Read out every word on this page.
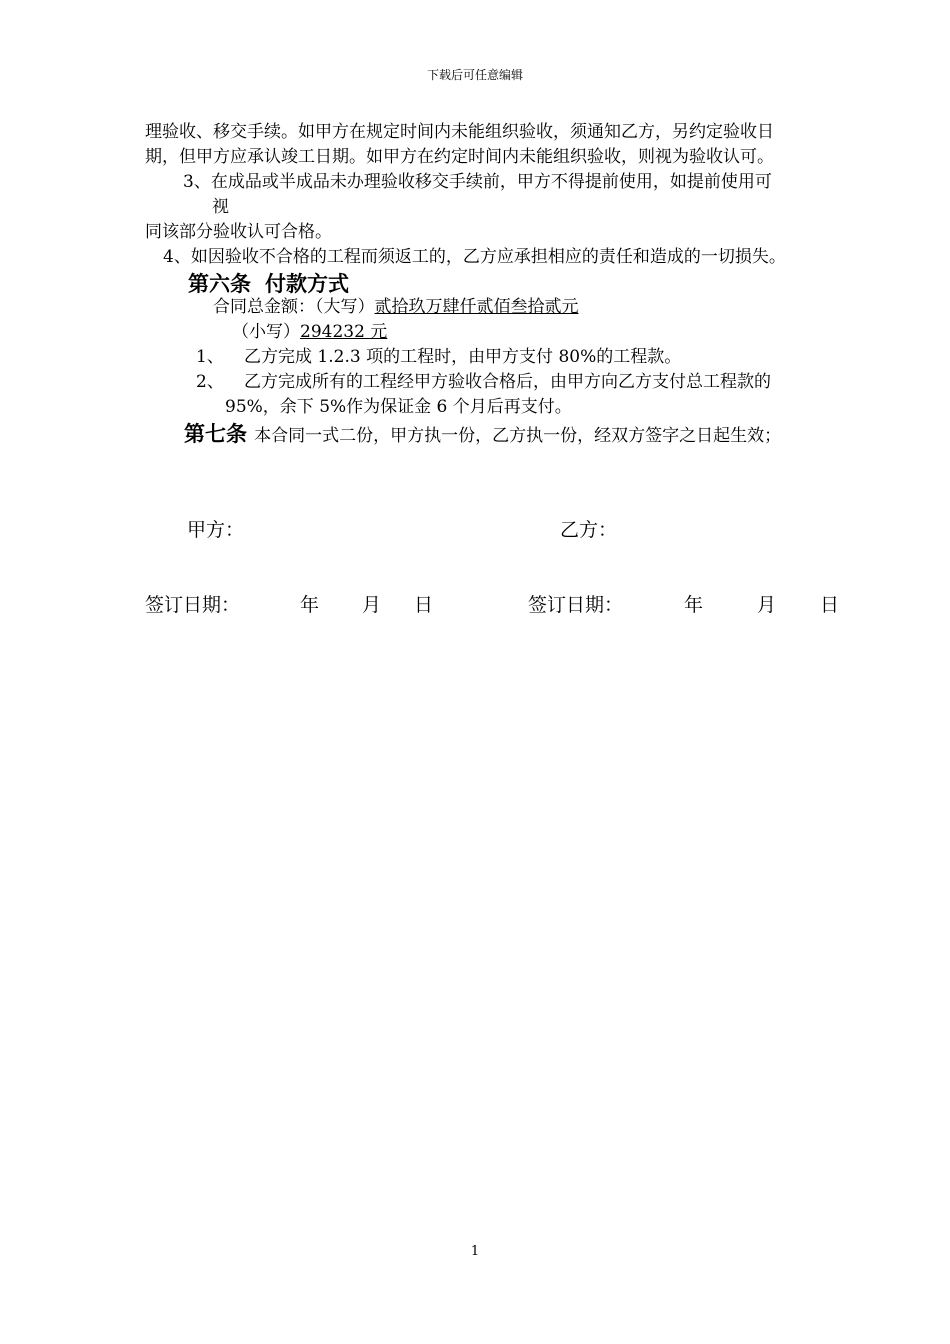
下载后可任意编辑
理验收、移交手续。如甲方在规定时间内未能组织验收，须通知乙方，另约定验收日
期，但甲方应承认竣工日期。如甲方在约定时间内未能组织验收，则视为验收认可。
3、在成品或半成品未办理验收移交手续前，甲方不得提前使用，如提前使用可
视
同该部分验收认可合格。
4、如因验收不合格的工程而须返工的，乙方应承担相应的责任和造成的一切损失。
第六条 付款方式
合同总金额：（大写）贰拾玖万肆仟贰佰叁拾贰元
（小写）294232 元
1、 乙方完成 1.2.3 项的工程时，由甲方支付 80%的工程款。
2、 乙方完成所有的工程经甲方验收合格后，由甲方向乙方支付总工程款的
95%，余下 5%作为保证金 6 个月后再支付。
第七条 本合同一式二份，甲方执一份，乙方执一份，经双方签字之日起生效；
甲方：	乙方：
签订日期：	年 月 日	签订日期：	年	月 日
1
